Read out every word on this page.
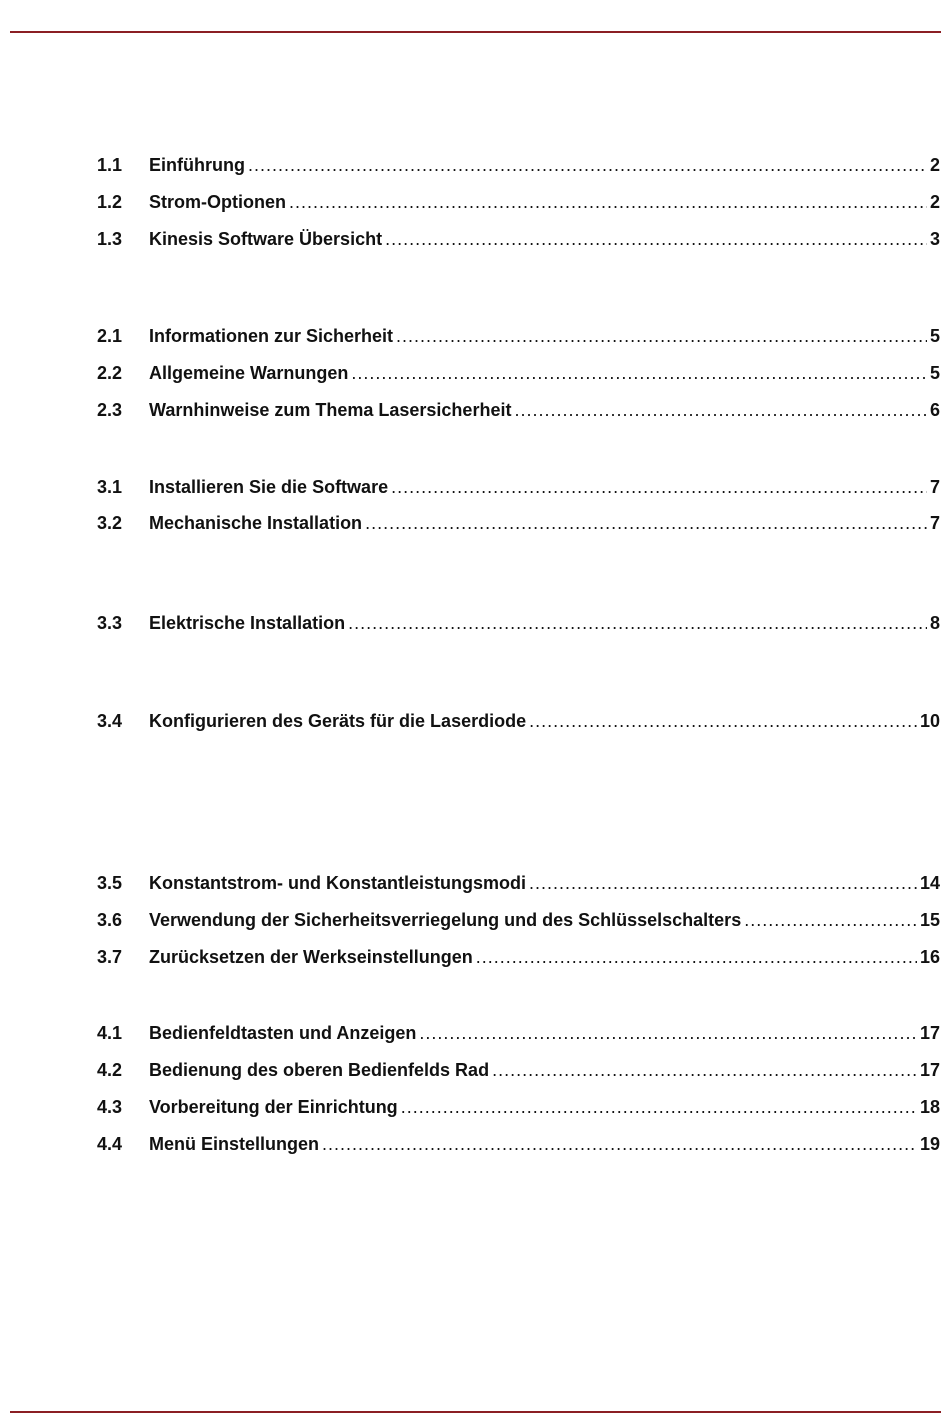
1.1	Einführung .....	2
1.2	Strom-Optionen .....	2
1.3	Kinesis Software Übersicht .....	3
2.1	Informationen zur Sicherheit .....	5
2.2	Allgemeine Warnungen .....	5
2.3	Warnhinweise zum Thema Lasersicherheit .....	6
3.1	Installieren Sie die Software .....	7
3.2	Mechanische Installation .....	7
3.3	Elektrische Installation .....	8
3.4	Konfigurieren des Geräts für die Laserdiode .....	10
3.5	Konstantstrom- und Konstantleistungsmodi .....	14
3.6	Verwendung der Sicherheitsverriegelung und des Schlüsselschalters .....	15
3.7	Zurücksetzen der Werkseinstellungen .....	16
4.1	Bedienfeldtasten und Anzeigen .....	17
4.2	Bedienung des oberen Bedienfelds Rad .....	17
4.3	Vorbereitung der Einrichtung .....	18
4.4	Menü Einstellungen .....	19
